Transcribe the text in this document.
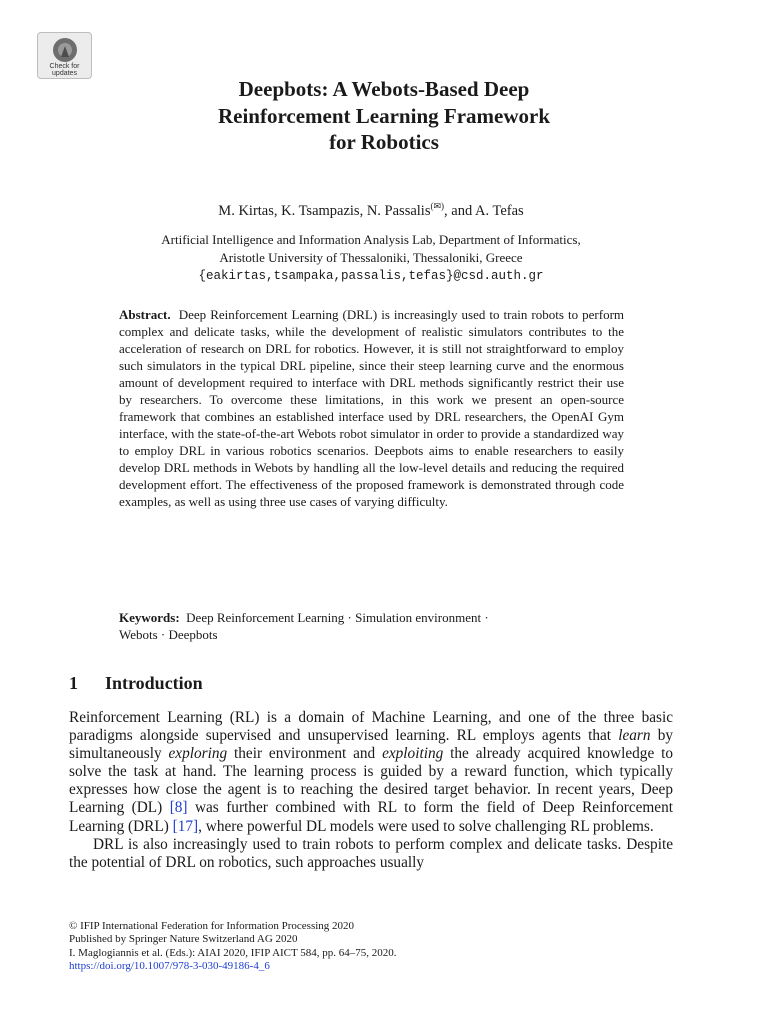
Check for
updates
Deepbots: A Webots-Based Deep
Reinforcement Learning Framework
for Robotics
M. Kirtas, K. Tsampazis, N. Passalis(✉), and A. Tefas
Artificial Intelligence and Information Analysis Lab, Department of Informatics,
Aristotle University of Thessaloniki, Thessaloniki, Greece
{eakirtas,tsampaka,passalis,tefas}@csd.auth.gr

Abstract. Deep Reinforcement Learning (DRL) is increasingly used to train robots to perform complex and delicate tasks, while the development of realistic simulators contributes to the acceleration of research on DRL for robotics. However, it is still not straightforward to employ such simulators in the typical DRL pipeline, since their steep learning curve and the enormous amount of development required to interface with DRL methods significantly restrict their use by researchers. To overcome these limitations, in this work we present an open-source framework that combines an established interface used by DRL researchers, the OpenAI Gym interface, with the state-of-the-art Webots robot simulator in order to provide a standardized way to employ DRL in various robotics scenarios. Deepbots aims to enable researchers to easily develop DRL methods in Webots by handling all the low-level details and reducing the required development effort. The effectiveness of the proposed framework is demonstrated through code examples, as well as using three use cases of varying difficulty.

Keywords: Deep Reinforcement Learning · Simulation environment ·
Webots · Deepbots
1 Introduction

Reinforcement Learning (RL) is a domain of Machine Learning, and one of the three basic paradigms alongside supervised and unsupervised learning. RL employs agents that learn by simultaneously exploring their environment and exploiting the already acquired knowledge to solve the task at hand. The learning process is guided by a reward function, which typically expresses how close the agent is to reaching the desired target behavior. In recent years, Deep Learning (DL) [8] was further combined with RL to form the field of Deep Reinforcement Learning (DRL) [17], where powerful DL models were used to solve challenging RL problems.

DRL is also increasingly used to train robots to perform complex and delicate tasks. Despite the potential of DRL on robotics, such approaches usually

© IFIP International Federation for Information Processing 2020
Published by Springer Nature Switzerland AG 2020
I. Maglogiannis et al. (Eds.): AIAI 2020, IFIP AICT 584, pp. 64–75, 2020.
https://doi.org/10.1007/978-3-030-49186-4_6
